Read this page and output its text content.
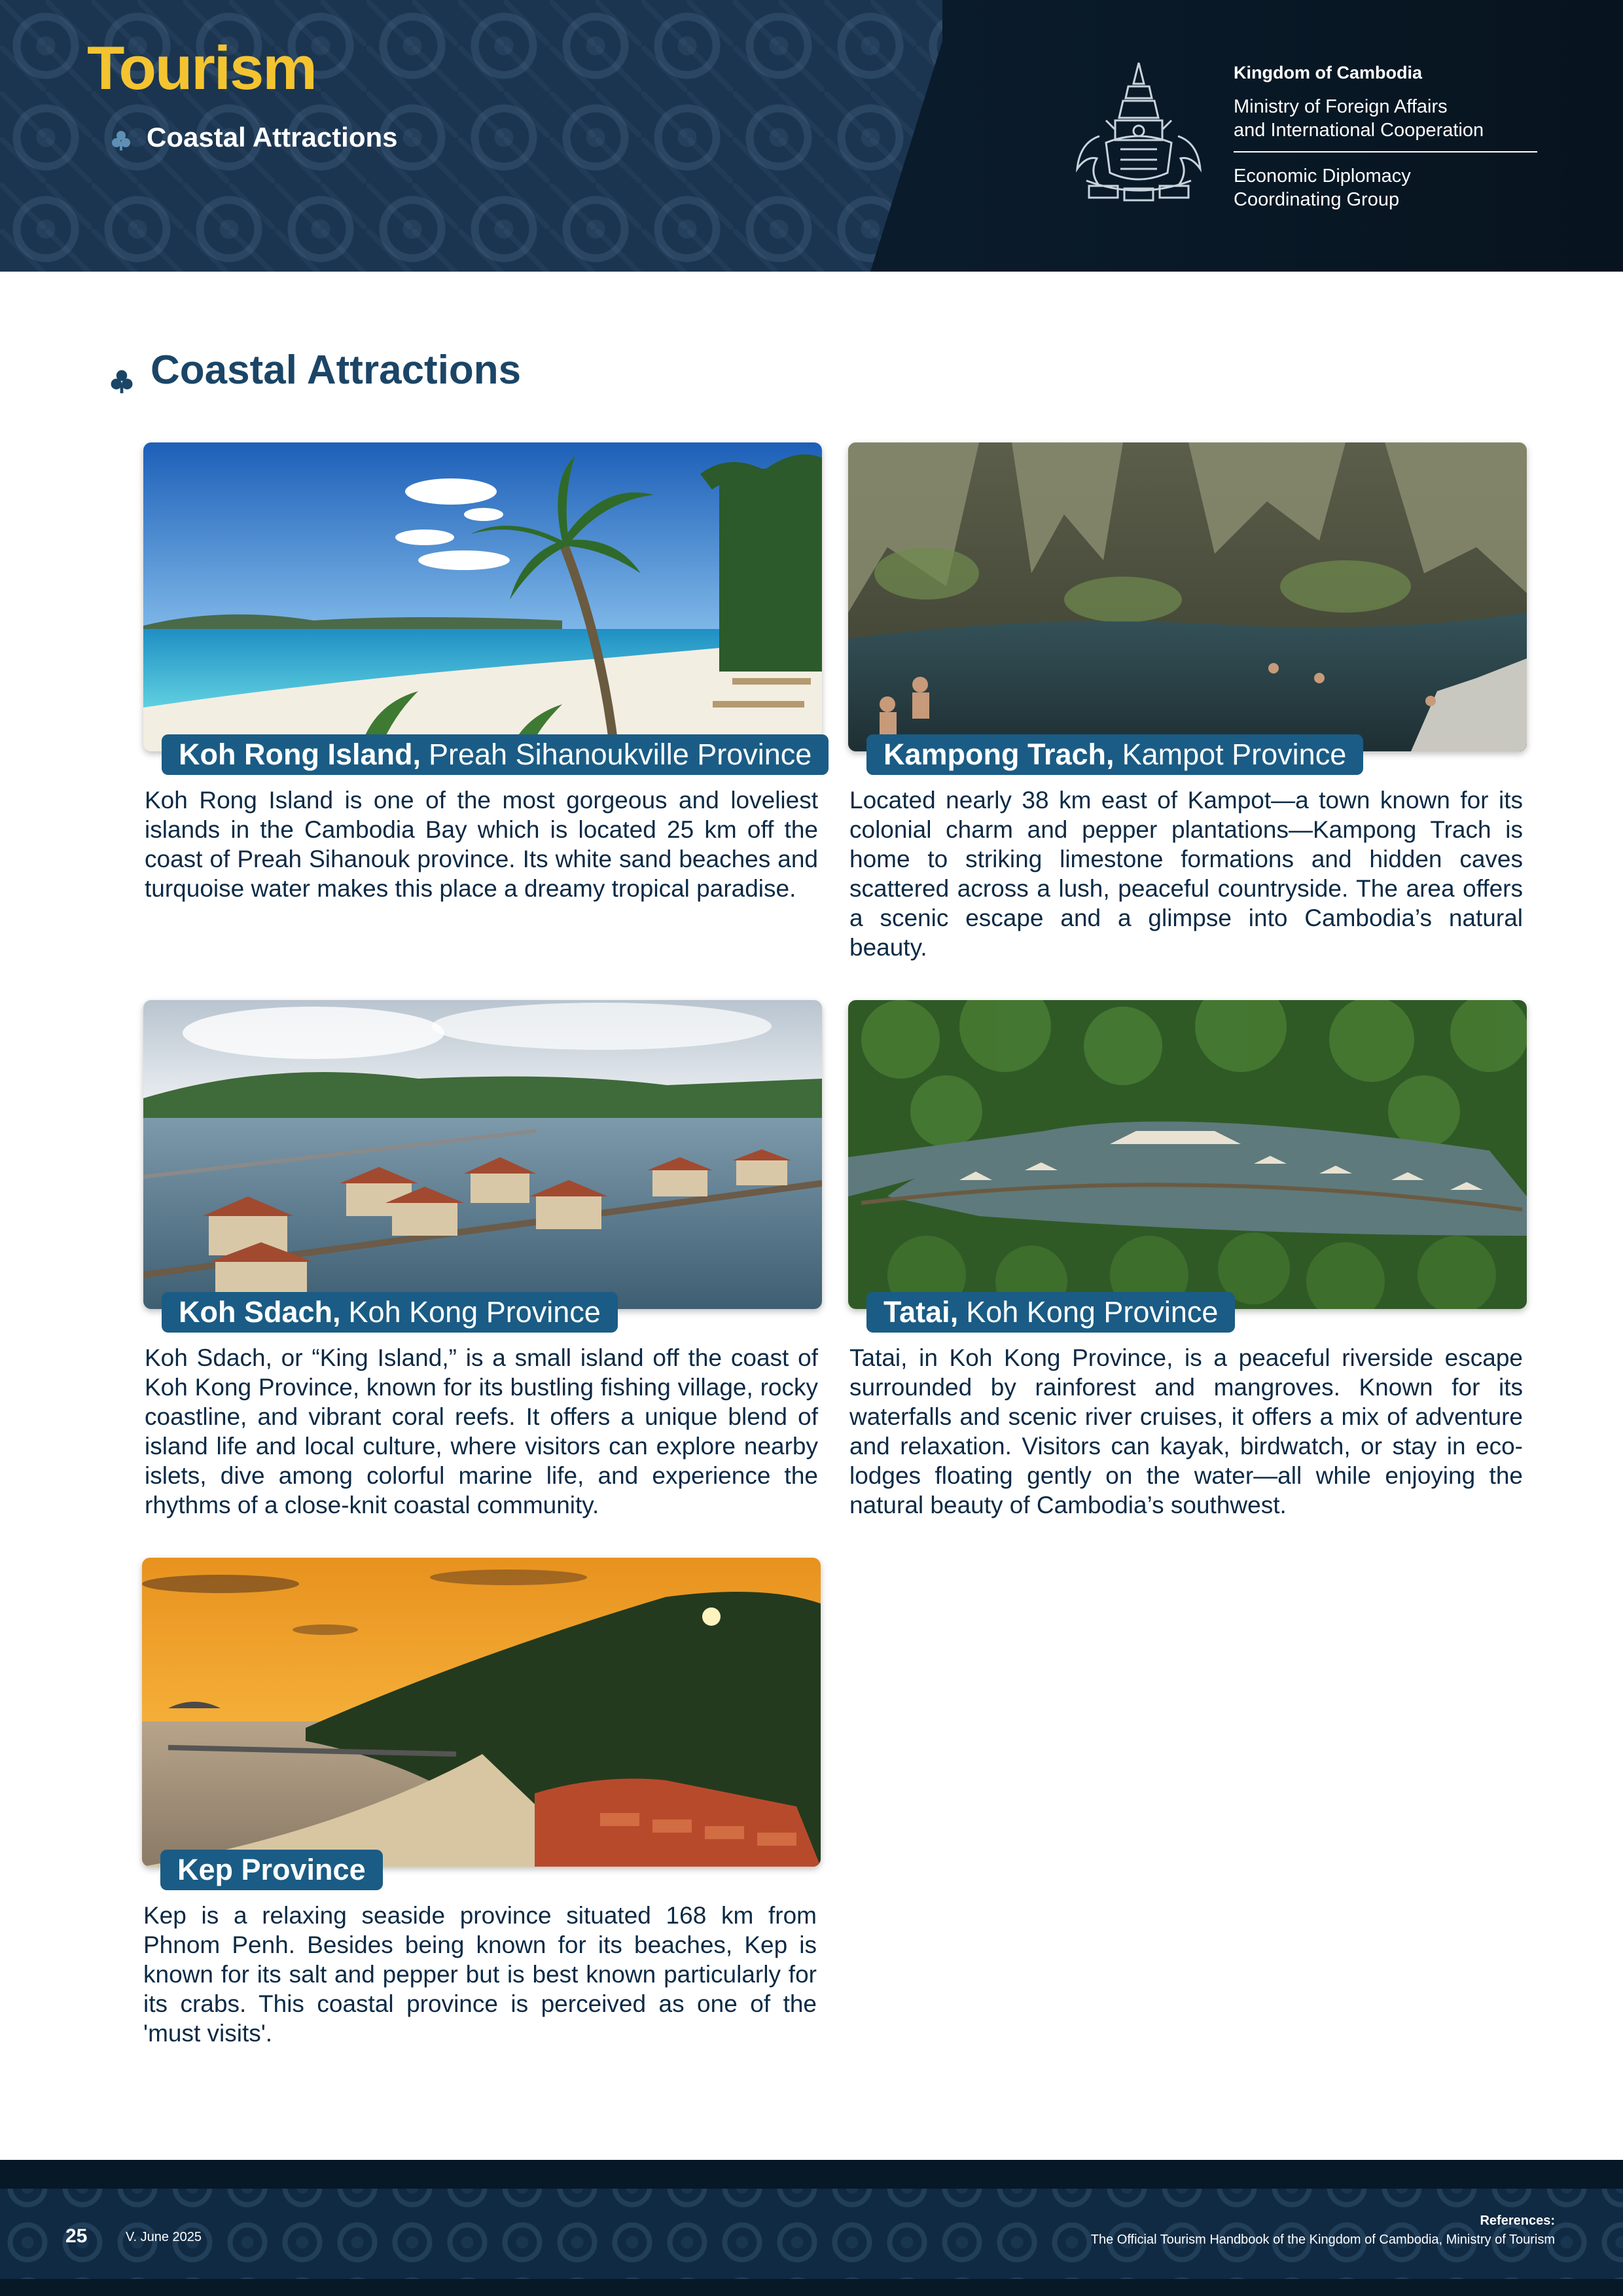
Tourism
Coastal Attractions
Kingdom of Cambodia
Ministry of Foreign Affairs
and International Cooperation
Economic Diplomacy
Coordinating Group
Coastal Attractions
Koh Rong Island, Preah Sihanoukville Province

Koh Rong Island is one of the most gorgeous and loveliest islands in the Cambodia Bay which is located 25 km off the coast of Preah Sihanouk province. Its white sand beaches and turquoise water makes this place a dreamy tropical paradise.

Kampong Trach, Kampot Province

Located nearly 38 km east of Kampot—a town known for its colonial charm and pepper plantations—Kampong Trach is home to striking limestone formations and hidden caves scattered across a lush, peaceful countryside. The area offers a scenic escape and a glimpse into Cambodia’s natural beauty.

Koh Sdach, Koh Kong Province

Koh Sdach, or “King Island,” is a small island off the coast of Koh Kong Province, known for its bustling fishing village, rocky coastline, and vibrant coral reefs. It offers a unique blend of island life and local culture, where visitors can explore nearby islets, dive among colorful marine life, and experience the rhythms of a close-knit coastal community.

Tatai, Koh Kong Province

Tatai, in Koh Kong Province, is a peaceful riverside escape surrounded by rainforest and mangroves. Known for its waterfalls and scenic river cruises, it offers a mix of adventure and relaxation. Visitors can kayak, birdwatch, or stay in eco-lodges floating gently on the water—all while enjoying the natural beauty of Cambodia’s southwest.

Kep Province

Kep is a relaxing seaside province situated 168 km from Phnom Penh. Besides being known for its beaches, Kep is known for its salt and pepper but is best known particularly for its crabs. This coastal province is perceived as one of the 'must visits'.

25	V. June 2025
References:
The Official Tourism Handbook of the Kingdom of Cambodia, Ministry of Tourism
